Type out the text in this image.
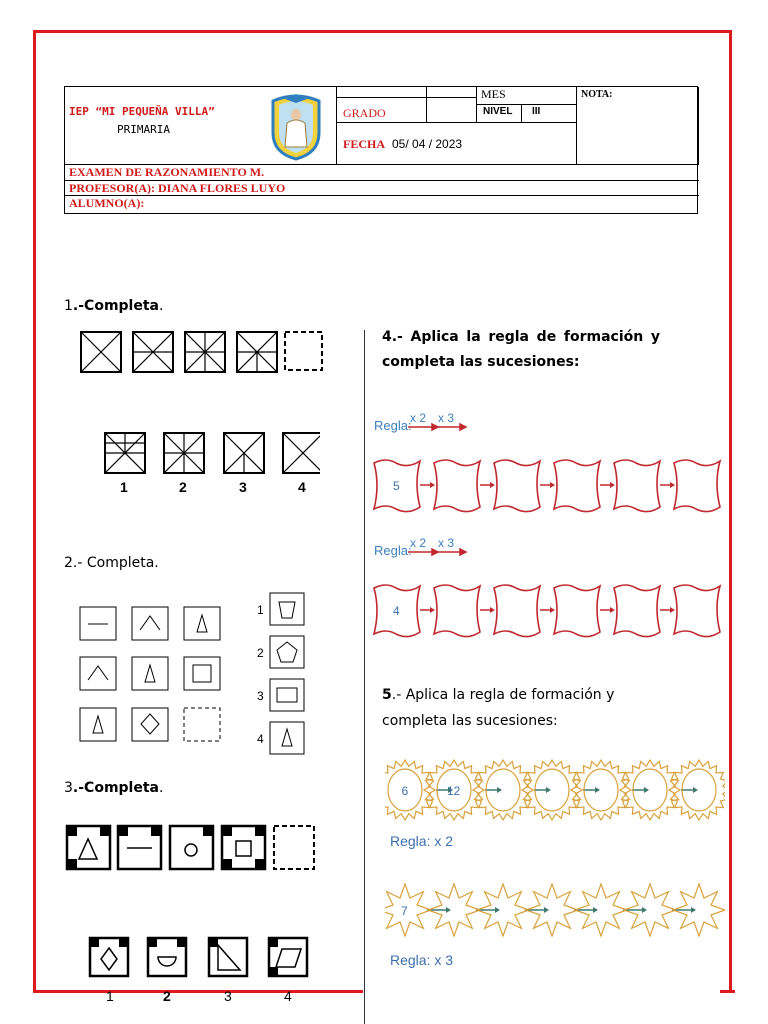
IEP “MI PEQUEÑA VILLA”
PRIMARIA
MES	NOTA:
GRADO	NIVEL	III
FECHA 05/ 04 / 2023
EXAMEN DE RAZONAMIENTO M.
PROFESOR(A): DIANA FLORES LUYO
ALUMNO(A):
1.-Completa.
1	2	3	4
2.- Completa.
1
2
3
4
3.-Completa.
1	2	3	4
4.- Aplica la regla de formación y completa las sucesiones:
Regla:
x 2 x 3
5
Regla:
x 2 x 3
4
5.- Aplica la regla de formación y completa las sucesiones:
6	12
Regla: x 2
7
Regla: x 3
